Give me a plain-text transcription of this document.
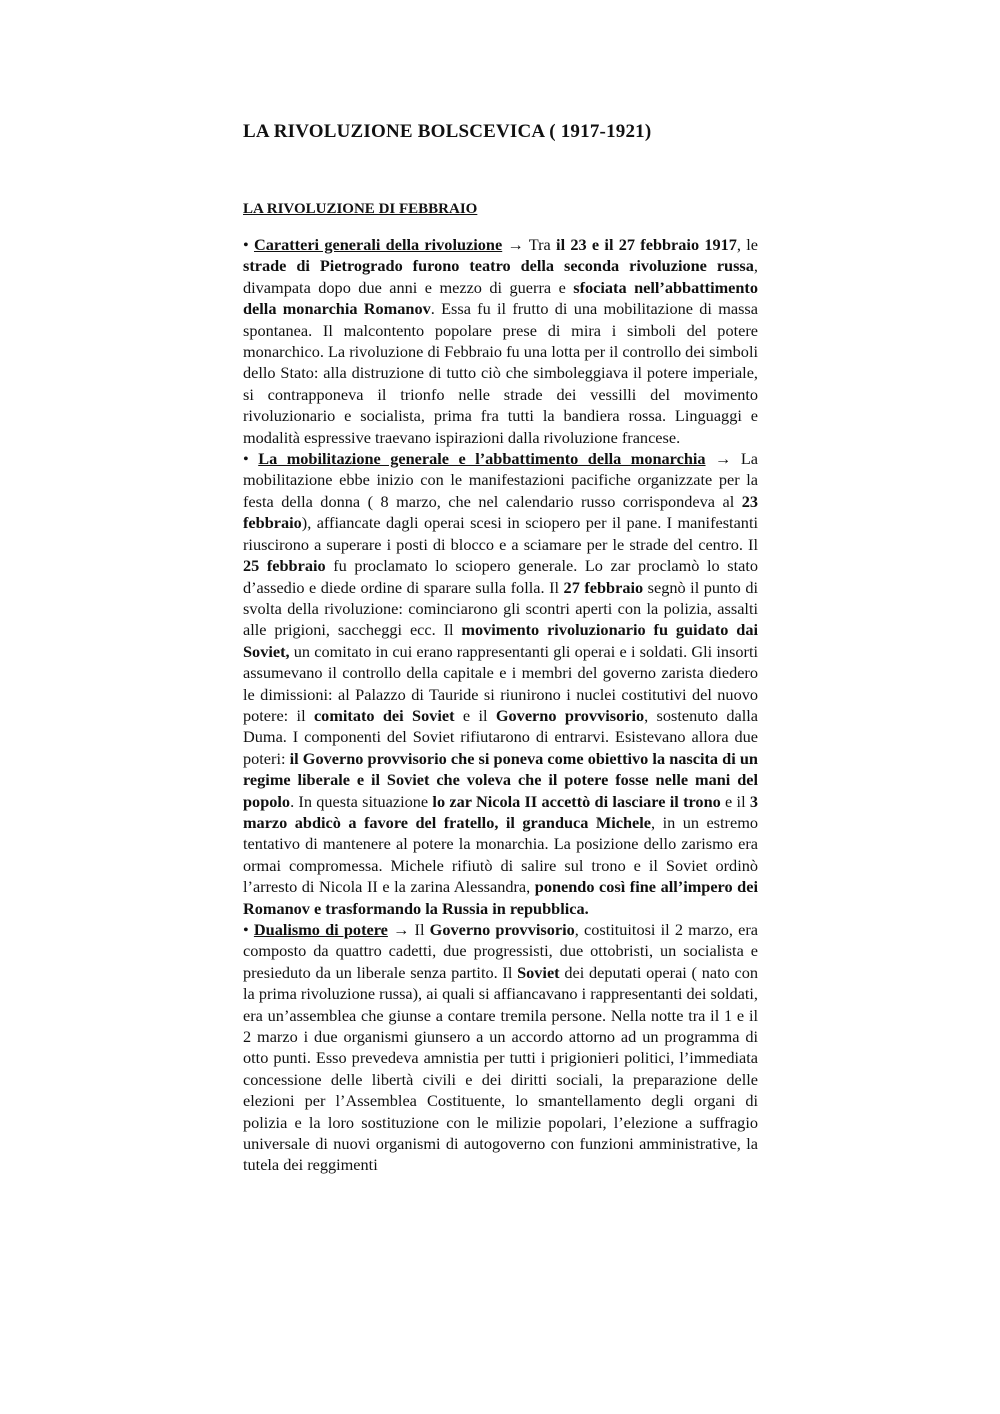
LA RIVOLUZIONE BOLSCEVICA ( 1917-1921)
LA RIVOLUZIONE DI FEBBRAIO

• Caratteri generali della rivoluzione → Tra il 23 e il 27 febbraio 1917, le strade di Pietrogrado furono teatro della seconda rivoluzione russa, divampata dopo due anni e mezzo di guerra e sfociata nell’abbattimento della monarchia Romanov. Essa fu il frutto di una mobilitazione di massa spontanea. Il malcontento popolare prese di mira i simboli del potere monarchico. La rivoluzione di Febbraio fu una lotta per il controllo dei simboli dello Stato: alla distruzione di tutto ciò che simboleggiava il potere imperiale, si contrapponeva il trionfo nelle strade dei vessilli del movimento rivoluzionario e socialista, prima fra tutti la bandiera rossa. Linguaggi e modalità espressive traevano ispirazioni dalla rivoluzione francese.

• La mobilitazione generale e l’abbattimento della monarchia → La mobilitazione ebbe inizio con le manifestazioni pacifiche organizzate per la festa della donna ( 8 marzo, che nel calendario russo corrispondeva al 23 febbraio), affiancate dagli operai scesi in sciopero per il pane. I manifestanti riuscirono a superare i posti di blocco e a sciamare per le strade del centro. Il 25 febbraio fu proclamato lo sciopero generale. Lo zar proclamò lo stato d’assedio e diede ordine di sparare sulla folla. Il 27 febbraio segnò il punto di svolta della rivoluzione: cominciarono gli scontri aperti con la polizia, assalti alle prigioni, saccheggi ecc. Il movimento rivoluzionario fu guidato dai Soviet, un comitato in cui erano rappresentanti gli operai e i soldati. Gli insorti assumevano il controllo della capitale e i membri del governo zarista diedero le dimissioni: al Palazzo di Tauride si riunirono i nuclei costitutivi del nuovo potere: il comitato dei Soviet e il Governo provvisorio, sostenuto dalla Duma. I componenti del Soviet rifiutarono di entrarvi. Esistevano allora due poteri: il Governo provvisorio che si poneva come obiettivo la nascita di un regime liberale e il Soviet che voleva che il potere fosse nelle mani del popolo. In questa situazione lo zar Nicola II accettò di lasciare il trono e il 3 marzo abdicò a favore del fratello, il granduca Michele, in un estremo tentativo di mantenere al potere la monarchia. La posizione dello zarismo era ormai compromessa. Michele rifiutò di salire sul trono e il Soviet ordinò l’arresto di Nicola II e la zarina Alessandra, ponendo così fine all’impero dei Romanov e trasformando la Russia in repubblica.

• Dualismo di potere → Il Governo provvisorio, costituitosi il 2 marzo, era composto da quattro cadetti, due progressisti, due ottobristi, un socialista e presieduto da un liberale senza partito. Il Soviet dei deputati operai ( nato con la prima rivoluzione russa), ai quali si affiancavano i rappresentanti dei soldati, era un’assemblea che giunse a contare tremila persone. Nella notte tra il 1 e il 2 marzo i due organismi giunsero a un accordo attorno ad un programma di otto punti. Esso prevedeva amnistia per tutti i prigionieri politici, l’immediata concessione delle libertà civili e dei diritti sociali, la preparazione delle elezioni per l’Assemblea Costituente, lo smantellamento degli organi di polizia e la loro sostituzione con le milizie popolari, l’elezione a suffragio universale di nuovi organismi di autogoverno con funzioni amministrative, la tutela dei reggimenti
